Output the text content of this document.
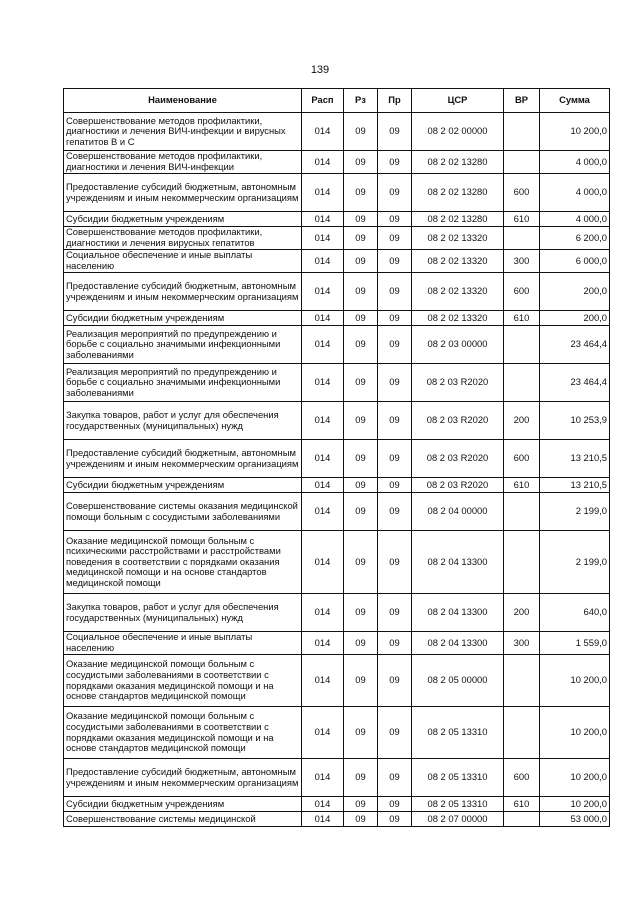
139
Наименование	Расп	Рз	Пр	ЦСР	ВР	Сумма
Совершенствование методов профилактики, диагностики и лечения ВИЧ-инфекции и вирусных гепатитов В и С	014	09	09	08 2 02 00000		10 200,0
Совершенствование методов профилактики, диагностики и лечения ВИЧ-инфекции	014	09	09	08 2 02 13280		4 000,0
Предоставление субсидий бюджетным, автономным учреждениям и иным некоммерческим организациям	014	09	09	08 2 02 13280	600	4 000,0
Субсидии бюджетным учреждениям	014	09	09	08 2 02 13280	610	4 000,0
Совершенствование методов профилактики, диагностики и лечения вирусных гепатитов	014	09	09	08 2 02 13320		6 200,0
Социальное обеспечение и иные выплаты населению	014	09	09	08 2 02 13320	300	6 000,0
Предоставление субсидий бюджетным, автономным учреждениям и иным некоммерческим организациям	014	09	09	08 2 02 13320	600	200,0
Субсидии бюджетным учреждениям	014	09	09	08 2 02 13320	610	200,0
Реализация мероприятий по предупреждению и борьбе с социально значимыми инфекционными заболеваниями	014	09	09	08 2 03 00000		23 464,4
Реализация мероприятий по предупреждению и борьбе с социально значимыми инфекционными заболеваниями	014	09	09	08 2 03 R2020		23 464,4
Закупка товаров, работ и услуг для обеспечения государственных (муниципальных) нужд	014	09	09	08 2 03 R2020	200	10 253,9
Предоставление субсидий бюджетным, автономным учреждениям и иным некоммерческим организациям	014	09	09	08 2 03 R2020	600	13 210,5
Субсидии бюджетным учреждениям	014	09	09	08 2 03 R2020	610	13 210,5
Совершенствование системы оказания медицинской помощи больным с сосудистыми заболеваниями	014	09	09	08 2 04 00000		2 199,0
Оказание медицинской помощи больным с психическими расстройствами и расстройствами поведения в соответствии с порядками оказания медицинской помощи и на основе стандартов медицинской помощи	014	09	09	08 2 04 13300		2 199,0
Закупка товаров, работ и услуг для обеспечения государственных (муниципальных) нужд	014	09	09	08 2 04 13300	200	640,0
Социальное обеспечение и иные выплаты населению	014	09	09	08 2 04 13300	300	1 559,0
Оказание медицинской помощи больным с сосудистыми заболеваниями в соответствии с порядками оказания медицинской помощи и на основе стандартов медицинской помощи	014	09	09	08 2 05 00000		10 200,0
Оказание медицинской помощи больным с сосудистыми заболеваниями в соответствии с порядками оказания медицинской помощи и на основе стандартов медицинской помощи	014	09	09	08 2 05 13310		10 200,0
Предоставление субсидий бюджетным, автономным учреждениям и иным некоммерческим организациям	014	09	09	08 2 05 13310	600	10 200,0
Субсидии бюджетным учреждениям	014	09	09	08 2 05 13310	610	10 200,0
Совершенствование системы медицинской	014	09	09	08 2 07 00000		53 000,0
